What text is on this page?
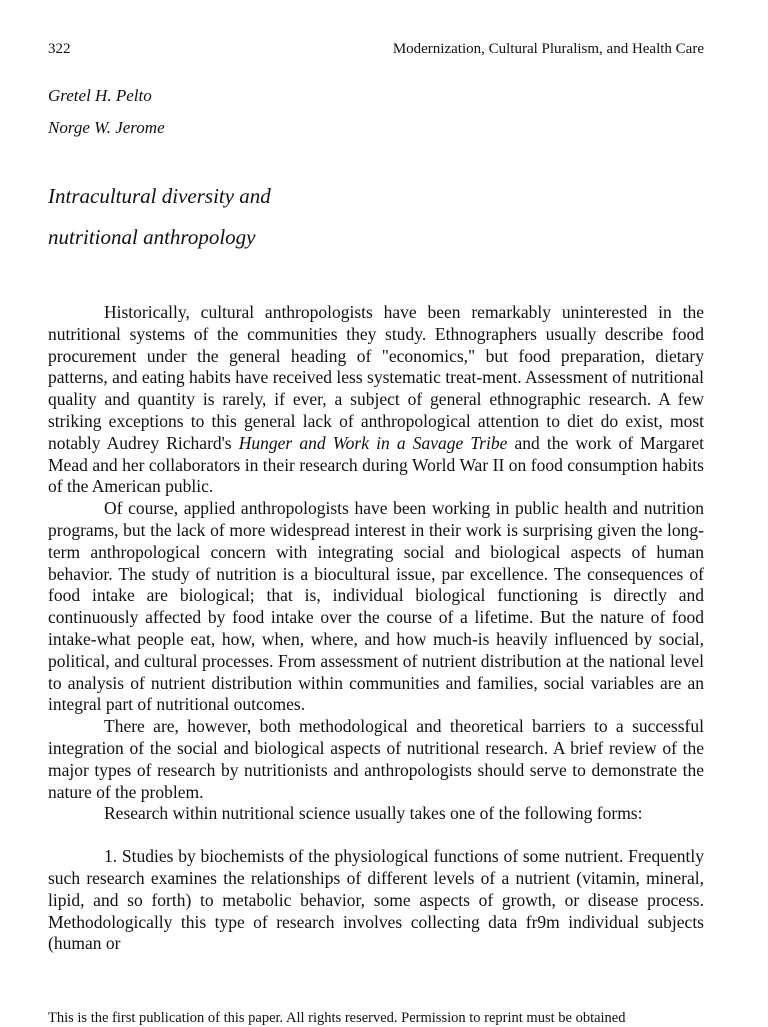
322	Modernization, Cultural Pluralism, and Health Care
Gretel H. Pelto
Norge W. Jerome
Intracultural diversity and
nutritional anthropology

Historically, cultural anthropologists have been remarkably uninterested in the nutritional systems of the communities they study. Ethnographers usually describe food procurement under the general heading of "economics," but food preparation, dietary patterns, and eating habits have received less systematic treat-ment. Assessment of nutritional quality and quantity is rarely, if ever, a subject of general ethnographic research. A few striking exceptions to this general lack of anthropological attention to diet do exist, most notably Audrey Richard's Hunger and Work in a Savage Tribe and the work of Margaret Mead and her collaborators in their research during World War II on food consumption habits of the American public.

Of course, applied anthropologists have been working in public health and nutrition programs, but the lack of more widespread interest in their work is surprising given the long-term anthropological concern with integrating social and biological aspects of human behavior. The study of nutrition is a biocultural issue, par excellence. The consequences of food intake are biological; that is, individual biological functioning is directly and continuously affected by food intake over the course of a lifetime. But the nature of food intake-what people eat, how, when, where, and how much-is heavily influenced by social, political, and cultural processes. From assessment of nutrient distribution at the national level to analysis of nutrient distribution within communities and families, social variables are an integral part of nutritional outcomes.

There are, however, both methodological and theoretical barriers to a successful integration of the social and biological aspects of nutritional research. A brief review of the major types of research by nutritionists and anthropologists should serve to demonstrate the nature of the problem.

Research within nutritional science usually takes one of the following forms:

1. Studies by biochemists of the physiological functions of some nutrient. Frequently such research examines the relationships of different levels of a nutrient (vitamin, mineral, lipid, and so forth) to metabolic behavior, some aspects of growth, or disease process. Methodologically this type of research involves collecting data fr9m individual subjects (human or

This is the first publication of this paper. All rights reserved. Permission to reprint must be obtained
